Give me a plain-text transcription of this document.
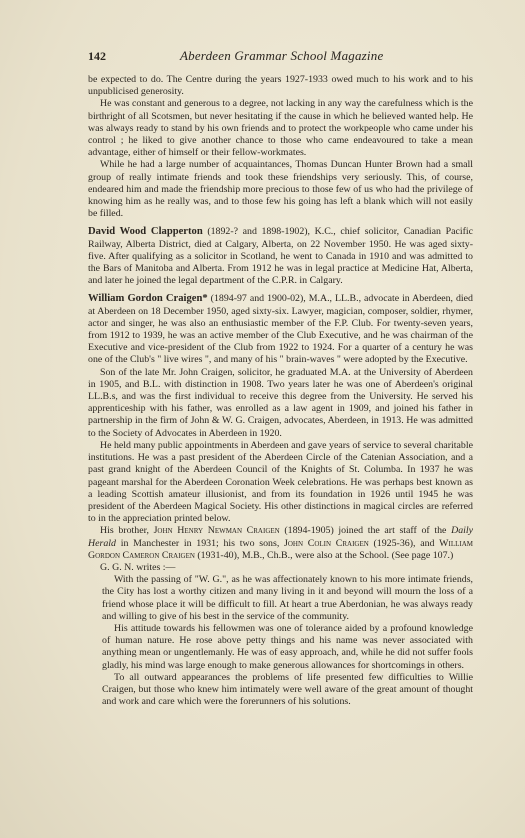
142	Aberdeen Grammar School Magazine

be expected to do. The Centre during the years 1927-1933 owed much to his work and to his unpublicised generosity.

He was constant and generous to a degree, not lacking in any way the carefulness which is the birthright of all Scotsmen, but never hesitating if the cause in which he believed wanted help. He was always ready to stand by his own friends and to protect the workpeople who came under his control ; he liked to give another chance to those who came endeavoured to take a mean advantage, either of himself or their fellow-workmates.

While he had a large number of acquaintances, Thomas Duncan Hunter Brown had a small group of really intimate friends and took these friendships very seriously. This, of course, endeared him and made the friendship more precious to those few of us who had the privilege of knowing him as he really was, and to those few his going has left a blank which will not easily be filled.

David Wood Clapperton (1892-? and 1898-1902), K.C., chief solicitor, Canadian Pacific Railway, Alberta District, died at Calgary, Alberta, on 22 November 1950. He was aged sixty-five. After qualifying as a solicitor in Scotland, he went to Canada in 1910 and was admitted to the Bars of Manitoba and Alberta. From 1912 he was in legal practice at Medicine Hat, Alberta, and later he joined the legal department of the C.P.R. in Calgary.

William Gordon Craigen* (1894-97 and 1900-02), M.A., LL.B., advocate in Aberdeen, died at Aberdeen on 18 December 1950, aged sixty-six. Lawyer, magician, composer, soldier, rhymer, actor and singer, he was also an enthusiastic member of the F.P. Club. For twenty-seven years, from 1912 to 1939, he was an active member of the Club Executive, and he was chairman of the Executive and vice-president of the Club from 1922 to 1924. For a quarter of a century he was one of the Club's " live wires ", and many of his " brain-waves " were adopted by the Executive.

Son of the late Mr. John Craigen, solicitor, he graduated M.A. at the University of Aberdeen in 1905, and B.L. with distinction in 1908. Two years later he was one of Aberdeen's original LL.B.s, and was the first individual to receive this degree from the University. He served his apprenticeship with his father, was enrolled as a law agent in 1909, and joined his father in partnership in the firm of John & W. G. Craigen, advocates, Aberdeen, in 1913. He was admitted to the Society of Advocates in Aberdeen in 1920.

He held many public appointments in Aberdeen and gave years of service to several charitable institutions. He was a past president of the Aberdeen Circle of the Catenian Association, and a past grand knight of the Aberdeen Council of the Knights of St. Columba. In 1937 he was pageant marshal for the Aberdeen Coronation Week celebrations. He was perhaps best known as a leading Scottish amateur illusionist, and from its foundation in 1926 until 1945 he was president of the Aberdeen Magical Society. His other distinctions in magical circles are referred to in the appreciation printed below.

His brother, John Henry Newman Craigen (1894-1905) joined the art staff of the Daily Herald in Manchester in 1931; his two sons, John Colin Craigen (1925-36), and William Gordon Cameron Craigen (1931-40), M.B., Ch.B., were also at the School. (See page 107.)

G. G. N. writes :—

With the passing of "W. G.", as he was affectionately known to his more intimate friends, the City has lost a worthy citizen and many living in it and beyond will mourn the loss of a friend whose place it will be difficult to fill. At heart a true Aberdonian, he was always ready and willing to give of his best in the service of the community.

His attitude towards his fellowmen was one of tolerance aided by a profound knowledge of human nature. He rose above petty things and his name was never associated with anything mean or ungentlemanly. He was of easy approach, and, while he did not suffer fools gladly, his mind was large enough to make generous allowances for shortcomings in others.

To all outward appearances the problems of life presented few difficulties to Willie Craigen, but those who knew him intimately were well aware of the great amount of thought and work and care which were the forerunners of his solutions.
